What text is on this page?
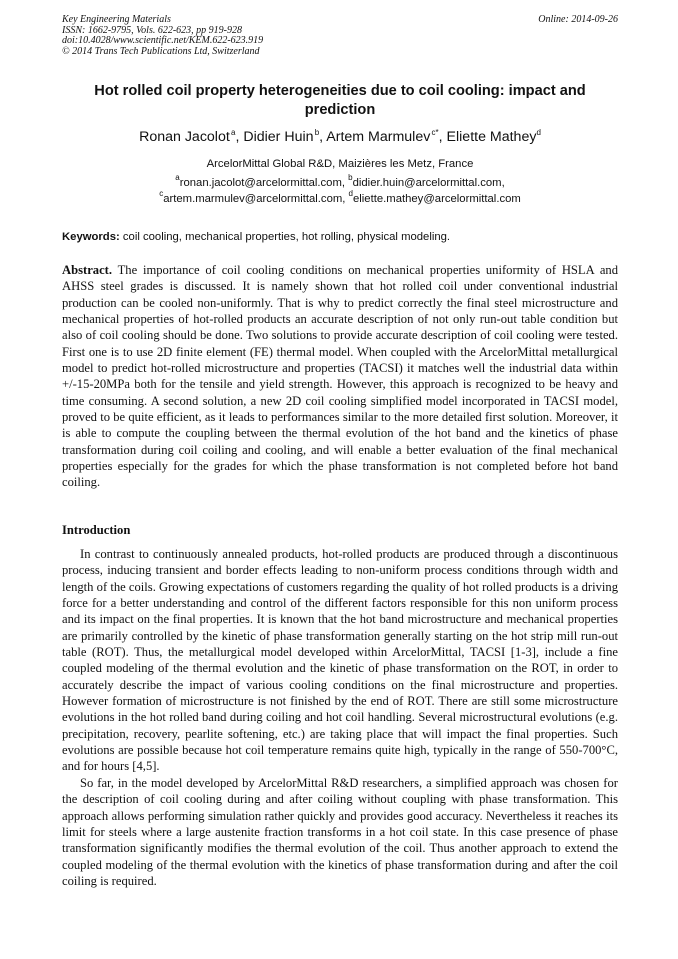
Key Engineering Materials
ISSN: 1662-9795, Vols. 622-623, pp 919-928
doi:10.4028/www.scientific.net/KEM.622-623.919
© 2014 Trans Tech Publications Ltd, Switzerland
Online: 2014-09-26
Hot rolled coil property heterogeneities due to coil cooling: impact and prediction
Ronan Jacolot $^a$, Didier Huin $^b$, Artem Marmulev $^{c*}$, Eliette Mathey$^d$
ArcelorMittal Global R&D, Maizières les Metz, France
$^a$ronan.jacolot@arcelormittal.com, $^b$didier.huin@arcelormittal.com,
$^c$artem.marmulev@arcelormittal.com, $^d$eliette.mathey@arcelormittal.com
Keywords: coil cooling, mechanical properties, hot rolling, physical modeling.

Abstract. The importance of coil cooling conditions on mechanical properties uniformity of HSLA and AHSS steel grades is discussed. It is namely shown that hot rolled coil under conventional industrial production can be cooled non-uniformly. That is why to predict correctly the final steel microstructure and mechanical properties of hot-rolled products an accurate description of not only run-out table condition but also of coil cooling should be done. Two solutions to provide accurate description of coil cooling were tested. First one is to use 2D finite element (FE) thermal model. When coupled with the ArcelorMittal metallurgical model to predict hot-rolled microstructure and properties (TACSI) it matches well the industrial data within +/-15-20MPa both for the tensile and yield strength. However, this approach is recognized to be heavy and time consuming. A second solution, a new 2D coil cooling simplified model incorporated in TACSI model, proved to be quite efficient, as it leads to performances similar to the more detailed first solution. Moreover, it is able to compute the coupling between the thermal evolution of the hot band and the kinetics of phase transformation during coil coiling and cooling, and will enable a better evaluation of the final mechanical properties especially for the grades for which the phase transformation is not completed before hot band coiling.

Introduction

In contrast to continuously annealed products, hot-rolled products are produced through a discontinuous process, inducing transient and border effects leading to non-uniform process conditions through width and length of the coils. Growing expectations of customers regarding the quality of hot rolled products is a driving force for a better understanding and control of the different factors responsible for this non uniform process and its impact on the final properties. It is known that the hot band microstructure and mechanical properties are primarily controlled by the kinetic of phase transformation generally starting on the hot strip mill run-out table (ROT). Thus, the metallurgical model developed within ArcelorMittal, TACSI [1-3], include a fine coupled modeling of the thermal evolution and the kinetic of phase transformation on the ROT, in order to accurately describe the impact of various cooling conditions on the final microstructure and properties. However formation of microstructure is not finished by the end of ROT. There are still some microstructure evolutions in the hot rolled band during coiling and hot coil handling. Several microstructural evolutions (e.g. precipitation, recovery, pearlite softening, etc.) are taking place that will impact the final properties. Such evolutions are possible because hot coil temperature remains quite high, typically in the range of 550-700°C, and for hours [4,5].

So far, in the model developed by ArcelorMittal R&D researchers, a simplified approach was chosen for the description of coil cooling during and after coiling without coupling with phase transformation. This approach allows performing simulation rather quickly and provides good accuracy. Nevertheless it reaches its limit for steels where a large austenite fraction transforms in a hot coil state. In this case presence of phase transformation significantly modifies the thermal evolution of the coil. Thus another approach to extend the coupled modeling of the thermal evolution with the kinetics of phase transformation during and after the coil coiling is required.
